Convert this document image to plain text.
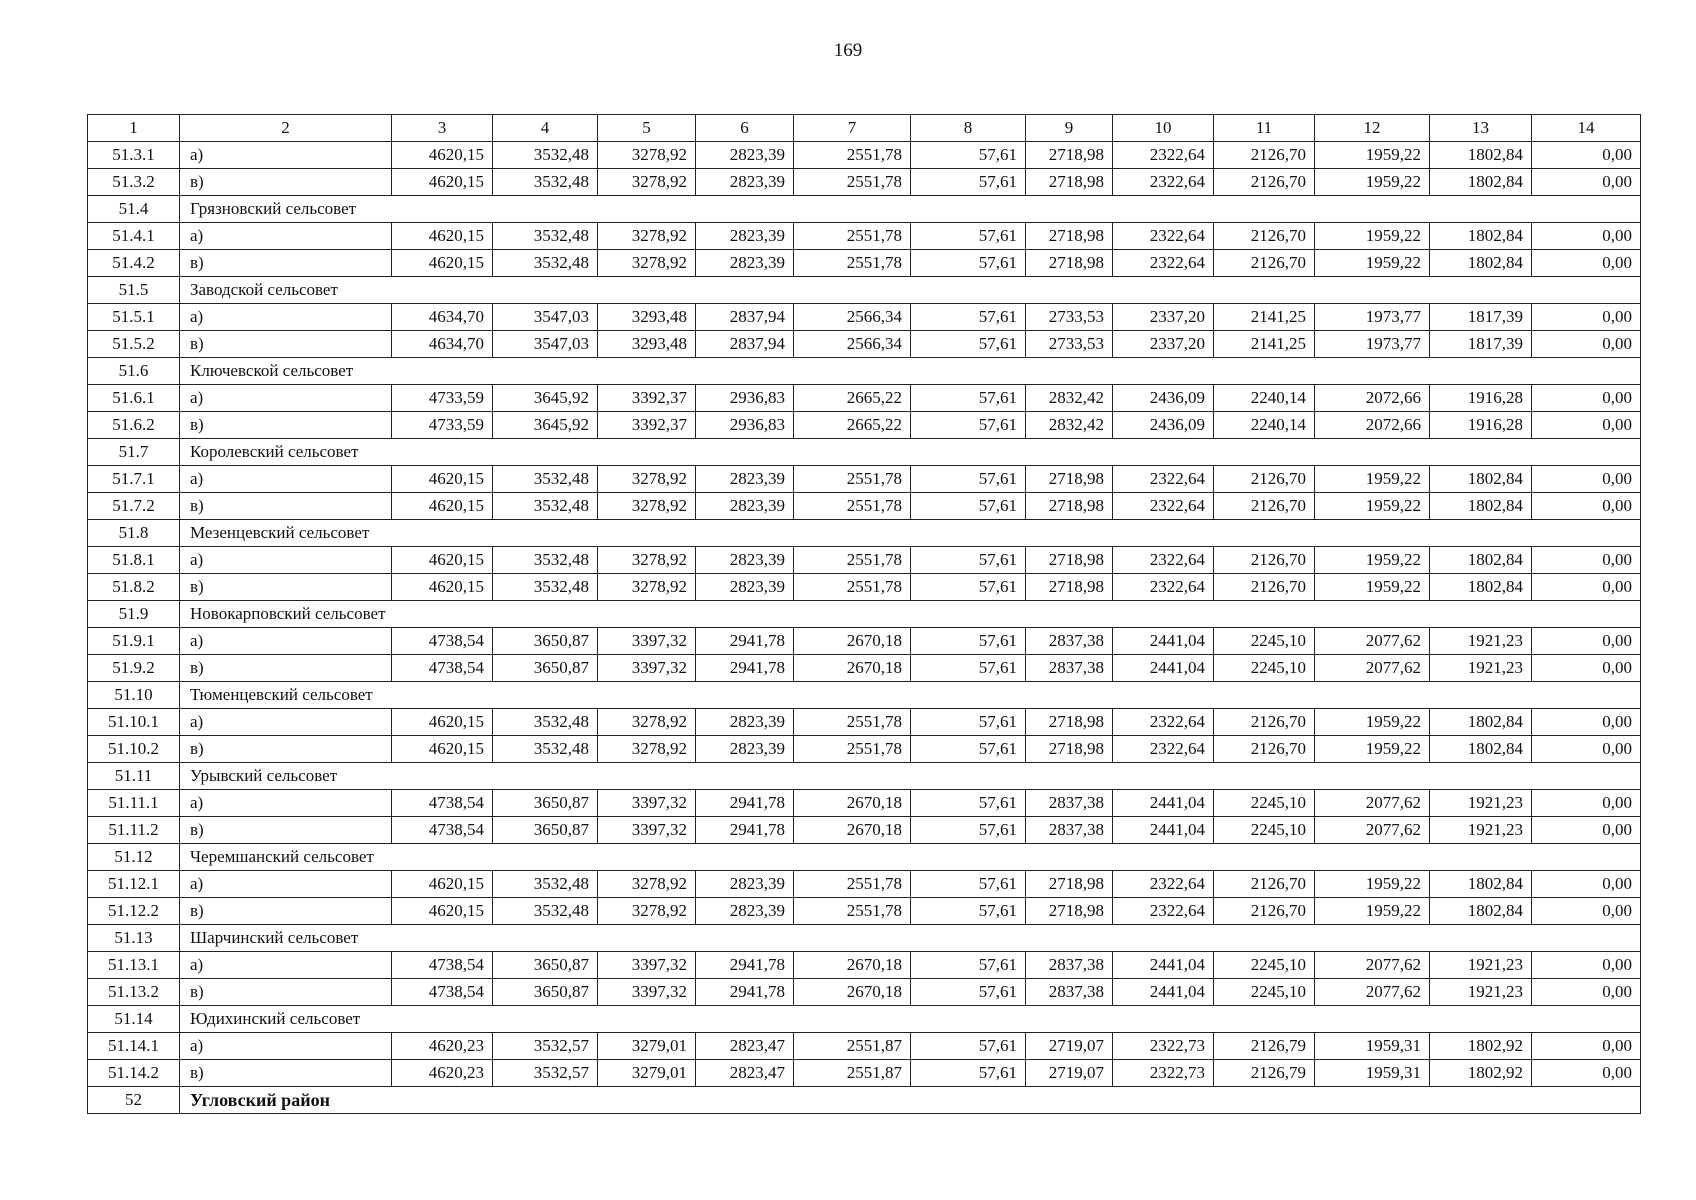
169
1	2	3	4	5	6	7	8	9	10	11	12	13	14
51.3.1	а)	4620,15	3532,48	3278,92	2823,39	2551,78	57,61	2718,98	2322,64	2126,70	1959,22	1802,84	0,00
51.3.2	в)	4620,15	3532,48	3278,92	2823,39	2551,78	57,61	2718,98	2322,64	2126,70	1959,22	1802,84	0,00
51.4	Грязновский сельсовет												
51.4.1	а)	4620,15	3532,48	3278,92	2823,39	2551,78	57,61	2718,98	2322,64	2126,70	1959,22	1802,84	0,00
51.4.2	в)	4620,15	3532,48	3278,92	2823,39	2551,78	57,61	2718,98	2322,64	2126,70	1959,22	1802,84	0,00
51.5	Заводской сельсовет												
51.5.1	а)	4634,70	3547,03	3293,48	2837,94	2566,34	57,61	2733,53	2337,20	2141,25	1973,77	1817,39	0,00
51.5.2	в)	4634,70	3547,03	3293,48	2837,94	2566,34	57,61	2733,53	2337,20	2141,25	1973,77	1817,39	0,00
51.6	Ключевской сельсовет												
51.6.1	а)	4733,59	3645,92	3392,37	2936,83	2665,22	57,61	2832,42	2436,09	2240,14	2072,66	1916,28	0,00
51.6.2	в)	4733,59	3645,92	3392,37	2936,83	2665,22	57,61	2832,42	2436,09	2240,14	2072,66	1916,28	0,00
51.7	Королевский сельсовет												
51.7.1	а)	4620,15	3532,48	3278,92	2823,39	2551,78	57,61	2718,98	2322,64	2126,70	1959,22	1802,84	0,00
51.7.2	в)	4620,15	3532,48	3278,92	2823,39	2551,78	57,61	2718,98	2322,64	2126,70	1959,22	1802,84	0,00
51.8	Мезенцевский сельсовет												
51.8.1	а)	4620,15	3532,48	3278,92	2823,39	2551,78	57,61	2718,98	2322,64	2126,70	1959,22	1802,84	0,00
51.8.2	в)	4620,15	3532,48	3278,92	2823,39	2551,78	57,61	2718,98	2322,64	2126,70	1959,22	1802,84	0,00
51.9	Новокарповский сельсовет												
51.9.1	а)	4738,54	3650,87	3397,32	2941,78	2670,18	57,61	2837,38	2441,04	2245,10	2077,62	1921,23	0,00
51.9.2	в)	4738,54	3650,87	3397,32	2941,78	2670,18	57,61	2837,38	2441,04	2245,10	2077,62	1921,23	0,00
51.10	Тюменцевский сельсовет												
51.10.1	а)	4620,15	3532,48	3278,92	2823,39	2551,78	57,61	2718,98	2322,64	2126,70	1959,22	1802,84	0,00
51.10.2	в)	4620,15	3532,48	3278,92	2823,39	2551,78	57,61	2718,98	2322,64	2126,70	1959,22	1802,84	0,00
51.11	Урывский сельсовет												
51.11.1	а)	4738,54	3650,87	3397,32	2941,78	2670,18	57,61	2837,38	2441,04	2245,10	2077,62	1921,23	0,00
51.11.2	в)	4738,54	3650,87	3397,32	2941,78	2670,18	57,61	2837,38	2441,04	2245,10	2077,62	1921,23	0,00
51.12	Черемшанский сельсовет												
51.12.1	а)	4620,15	3532,48	3278,92	2823,39	2551,78	57,61	2718,98	2322,64	2126,70	1959,22	1802,84	0,00
51.12.2	в)	4620,15	3532,48	3278,92	2823,39	2551,78	57,61	2718,98	2322,64	2126,70	1959,22	1802,84	0,00
51.13	Шарчинский сельсовет												
51.13.1	а)	4738,54	3650,87	3397,32	2941,78	2670,18	57,61	2837,38	2441,04	2245,10	2077,62	1921,23	0,00
51.13.2	в)	4738,54	3650,87	3397,32	2941,78	2670,18	57,61	2837,38	2441,04	2245,10	2077,62	1921,23	0,00
51.14	Юдихинский сельсовет												
51.14.1	а)	4620,23	3532,57	3279,01	2823,47	2551,87	57,61	2719,07	2322,73	2126,79	1959,31	1802,92	0,00
51.14.2	в)	4620,23	3532,57	3279,01	2823,47	2551,87	57,61	2719,07	2322,73	2126,79	1959,31	1802,92	0,00
52	Угловский район												
